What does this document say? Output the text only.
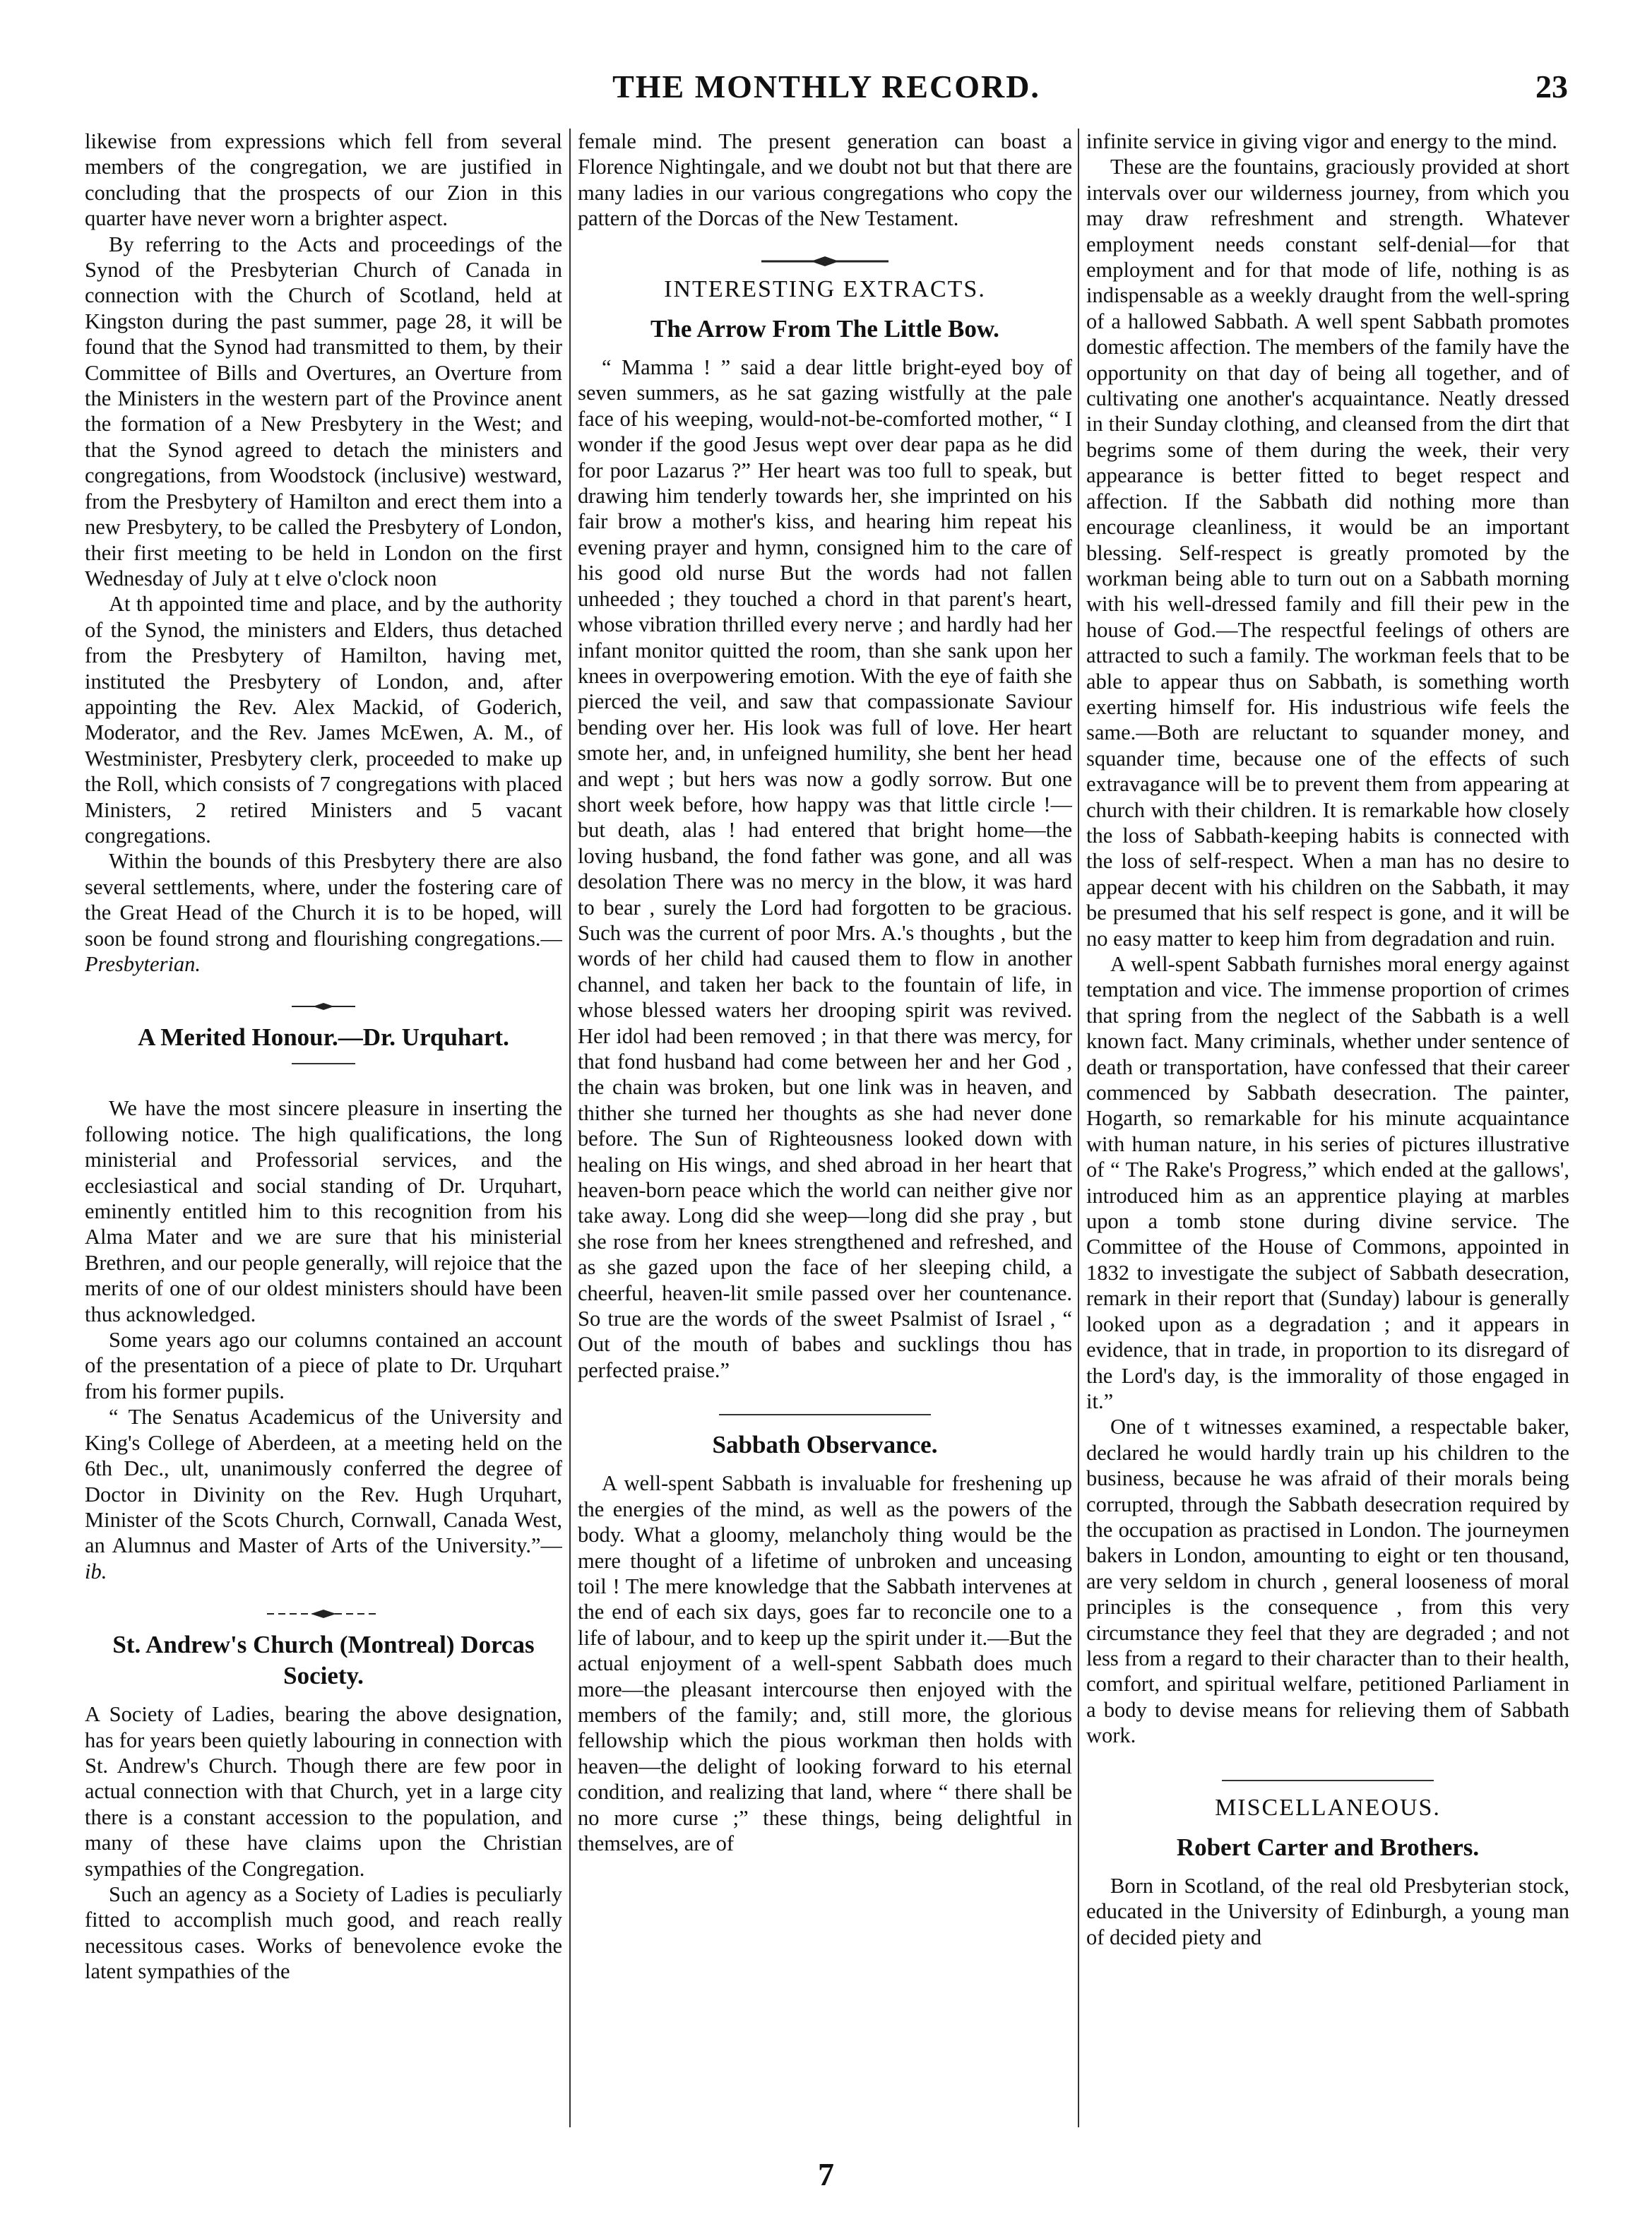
THE MONTHLY RECORD.	23

likewise from expressions which fell from several members of the congregation, we are justified in concluding that the prospects of our Zion in this quarter have never worn a brighter aspect.

By referring to the Acts and proceedings of the Synod of the Presbyterian Church of Canada in connection with the Church of Scotland, held at Kingston during the past summer, page 28, it will be found that the Synod had transmitted to them, by their Committee of Bills and Overtures, an Overture from the Ministers in the western part of the Province anent the formation of a New Presbytery in the West; and that the Synod agreed to detach the ministers and congregations, from Woodstock (inclusive) westward, from the Presbytery of Hamilton and erect them into a new Presbytery, to be called the Presbytery of London, their first meeting to be held in London on the first Wednesday of July at t elve o'clock noon

At th appointed time and place, and by the authority of the Synod, the ministers and Elders, thus detached from the Presbytery of Hamilton, having met, instituted the Presbytery of London, and, after appointing the Rev. Alex Mackid, of Goderich, Moderator, and the Rev. James McEwen, A. M., of Westminister, Presbytery clerk, proceeded to make up the Roll, which consists of 7 congregations with placed Ministers, 2 retired Ministers and 5 vacant congregations.

Within the bounds of this Presbytery there are also several settlements, where, under the fostering care of the Great Head of the Church it is to be hoped, will soon be found strong and flourishing congregations.—Presbyterian.

A Merited Honour.—Dr. Urquhart.

We have the most sincere pleasure in inserting the following notice. The high qualifications, the long ministerial and Professorial services, and the ecclesiastical and social standing of Dr. Urquhart, eminently entitled him to this recognition from his Alma Mater and we are sure that his ministerial Brethren, and our people generally, will rejoice that the merits of one of our oldest ministers should have been thus acknowledged.

Some years ago our columns contained an account of the presentation of a piece of plate to Dr. Urquhart from his former pupils.

“ The Senatus Academicus of the University and King's College of Aberdeen, at a meeting held on the 6th Dec., ult, unanimously conferred the degree of Doctor in Divinity on the Rev. Hugh Urquhart, Minister of the Scots Church, Cornwall, Canada West, an Alumnus and Master of Arts of the University.”—ib.

St. Andrew's Church (Montreal) Dorcas Society.

A Society of Ladies, bearing the above designation, has for years been quietly labouring in connection with St. Andrew's Church. Though there are few poor in actual connection with that Church, yet in a large city there is a constant accession to the population, and many of these have claims upon the Christian sympathies of the Congregation.

Such an agency as a Society of Ladies is peculiarly fitted to accomplish much good, and reach really necessitous cases. Works of benevolence evoke the latent sympathies of the

female mind. The present generation can boast a Florence Nightingale, and we doubt not but that there are many ladies in our various congregations who copy the pattern of the Dorcas of the New Testament.

INTERESTING EXTRACTS.
The Arrow From The Little Bow.

“ Mamma ! ” said a dear little bright-eyed boy of seven summers, as he sat gazing wistfully at the pale face of his weeping, would-not-be-comforted mother, “ I wonder if the good Jesus wept over dear papa as he did for poor Lazarus ?” Her heart was too full to speak, but drawing him tenderly towards her, she imprinted on his fair brow a mother's kiss, and hearing him repeat his evening prayer and hymn, consigned him to the care of his good old nurse But the words had not fallen unheeded ; they touched a chord in that parent's heart, whose vibration thrilled every nerve ; and hardly had her infant monitor quitted the room, than she sank upon her knees in overpowering emotion. With the eye of faith she pierced the veil, and saw that compassionate Saviour bending over her. His look was full of love. Her heart smote her, and, in unfeigned humility, she bent her head and wept ; but hers was now a godly sorrow. But one short week before, how happy was that little circle !—but death, alas ! had entered that bright home—the loving husband, the fond father was gone, and all was desolation There was no mercy in the blow, it was hard to bear , surely the Lord had forgotten to be gracious. Such was the current of poor Mrs. A.'s thoughts , but the words of her child had caused them to flow in another channel, and taken her back to the fountain of life, in whose blessed waters her drooping spirit was revived. Her idol had been removed ; in that there was mercy, for that fond husband had come between her and her God , the chain was broken, but one link was in heaven, and thither she turned her thoughts as she had never done before. The Sun of Righteousness looked down with healing on His wings, and shed abroad in her heart that heaven-born peace which the world can neither give nor take away. Long did she weep—long did she pray , but she rose from her knees strengthened and refreshed, and as she gazed upon the face of her sleeping child, a cheerful, heaven-lit smile passed over her countenance. So true are the words of the sweet Psalmist of Israel , “ Out of the mouth of babes and sucklings thou has perfected praise.”

Sabbath Observance.

A well-spent Sabbath is invaluable for freshening up the energies of the mind, as well as the powers of the body. What a gloomy, melancholy thing would be the mere thought of a lifetime of unbroken and unceasing toil ! The mere knowledge that the Sabbath intervenes at the end of each six days, goes far to reconcile one to a life of labour, and to keep up the spirit under it.—But the actual enjoyment of a well-spent Sabbath does much more—the pleasant intercourse then enjoyed with the members of the family; and, still more, the glorious fellowship which the pious workman then holds with heaven—the delight of looking forward to his eternal condition, and realizing that land, where “ there shall be no more curse ;” these things, being delightful in themselves, are of

infinite service in giving vigor and energy to the mind.

These are the fountains, graciously provided at short intervals over our wilderness journey, from which you may draw refreshment and strength. Whatever employment needs constant self-denial—for that employment and for that mode of life, nothing is as indispensable as a weekly draught from the well-spring of a hallowed Sabbath. A well spent Sabbath promotes domestic affection. The members of the family have the opportunity on that day of being all together, and of cultivating one another's acquaintance. Neatly dressed in their Sunday clothing, and cleansed from the dirt that begrims some of them during the week, their very appearance is better fitted to beget respect and affection. If the Sabbath did nothing more than encourage cleanliness, it would be an important blessing. Self-respect is greatly promoted by the workman being able to turn out on a Sabbath morning with his well-dressed family and fill their pew in the house of God.—The respectful feelings of others are attracted to such a family. The workman feels that to be able to appear thus on Sabbath, is something worth exerting himself for. His industrious wife feels the same.—Both are reluctant to squander money, and squander time, because one of the effects of such extravagance will be to prevent them from appearing at church with their children. It is remarkable how closely the loss of Sabbath-keeping habits is connected with the loss of self-respect. When a man has no desire to appear decent with his children on the Sabbath, it may be presumed that his self respect is gone, and it will be no easy matter to keep him from degradation and ruin.

A well-spent Sabbath furnishes moral energy against temptation and vice. The immense proportion of crimes that spring from the neglect of the Sabbath is a well known fact. Many criminals, whether under sentence of death or transportation, have confessed that their career commenced by Sabbath desecration. The painter, Hogarth, so remarkable for his minute acquaintance with human nature, in his series of pictures illustrative of “ The Rake's Progress,” which ended at the gallows', introduced him as an apprentice playing at marbles upon a tomb stone during divine service. The Committee of the House of Commons, appointed in 1832 to investigate the subject of Sabbath desecration, remark in their report that (Sunday) labour is generally looked upon as a degradation ; and it appears in evidence, that in trade, in proportion to its disregard of the Lord's day, is the immorality of those engaged in it.”

One of t witnesses examined, a respectable baker, declared he would hardly train up his children to the business, because he was afraid of their morals being corrupted, through the Sabbath desecration required by the occupation as practised in London. The journeymen bakers in London, amounting to eight or ten thousand, are very seldom in church , general looseness of moral principles is the consequence , from this very circumstance they feel that they are degraded ; and not less from a regard to their character than to their health, comfort, and spiritual welfare, petitioned Parliament in a body to devise means for relieving them of Sabbath work.

MISCELLANEOUS.
Robert Carter and Brothers.

Born in Scotland, of the real old Presbyterian stock, educated in the University of Edinburgh, a young man of decided piety and

7
